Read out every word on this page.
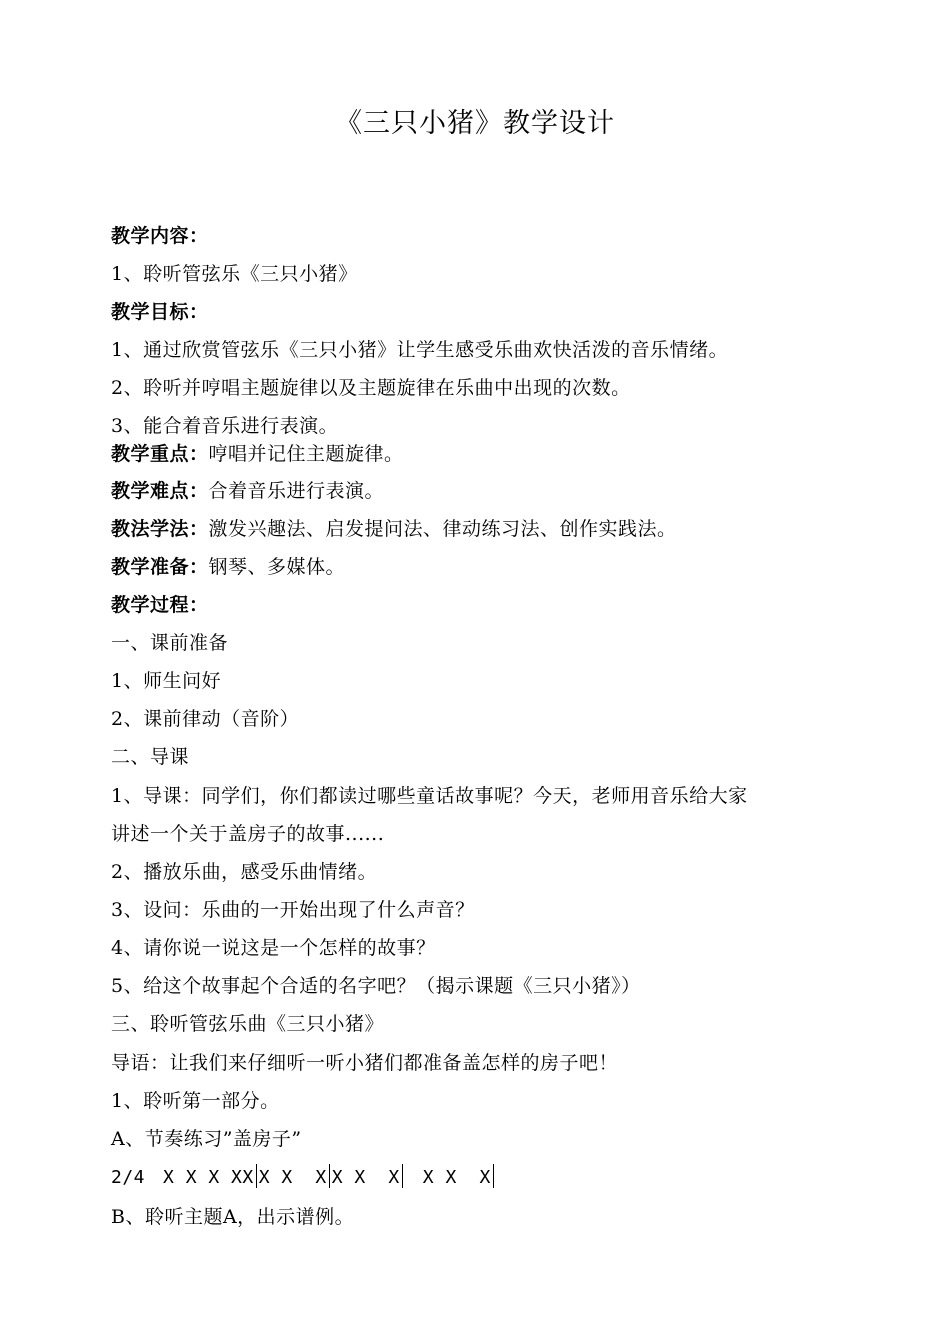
《三只小猪》教学设计
教学内容：
1、聆听管弦乐《三只小猪》
教学目标：
1、通过欣赏管弦乐《三只小猪》让学生感受乐曲欢快活泼的音乐情绪。
2、聆听并哼唱主题旋律以及主题旋律在乐曲中出现的次数。
3、能合着音乐进行表演。
教学重点：哼唱并记住主题旋律。
教学难点：合着音乐进行表演。
教法学法：激发兴趣法、启发提问法、律动练习法、创作实践法。
教学准备：钢琴、多媒体。
教学过程：
一、课前准备
1、师生问好
2、课前律动（音阶）
二、导课
1、导课：同学们，你们都读过哪些童话故事呢？今天，老师用音乐给大家
讲述一个关于盖房子的故事......
2、播放乐曲，感受乐曲情绪。
3、设问：乐曲的一开始出现了什么声音？
4、请你说一说这是一个怎样的故事？
5、给这个故事起个合适的名字吧？（揭示课题《三只小猪》）
三、聆听管弦乐曲《三只小猪》
导语：让我们来仔细听一听小猪们都准备盖怎样的房子吧！
1、聆听第一部分。
A、节奏练习”盖房子”
2/4 X X X XX X X  X X X  X X X  X
B、聆听主题A，出示谱例。
